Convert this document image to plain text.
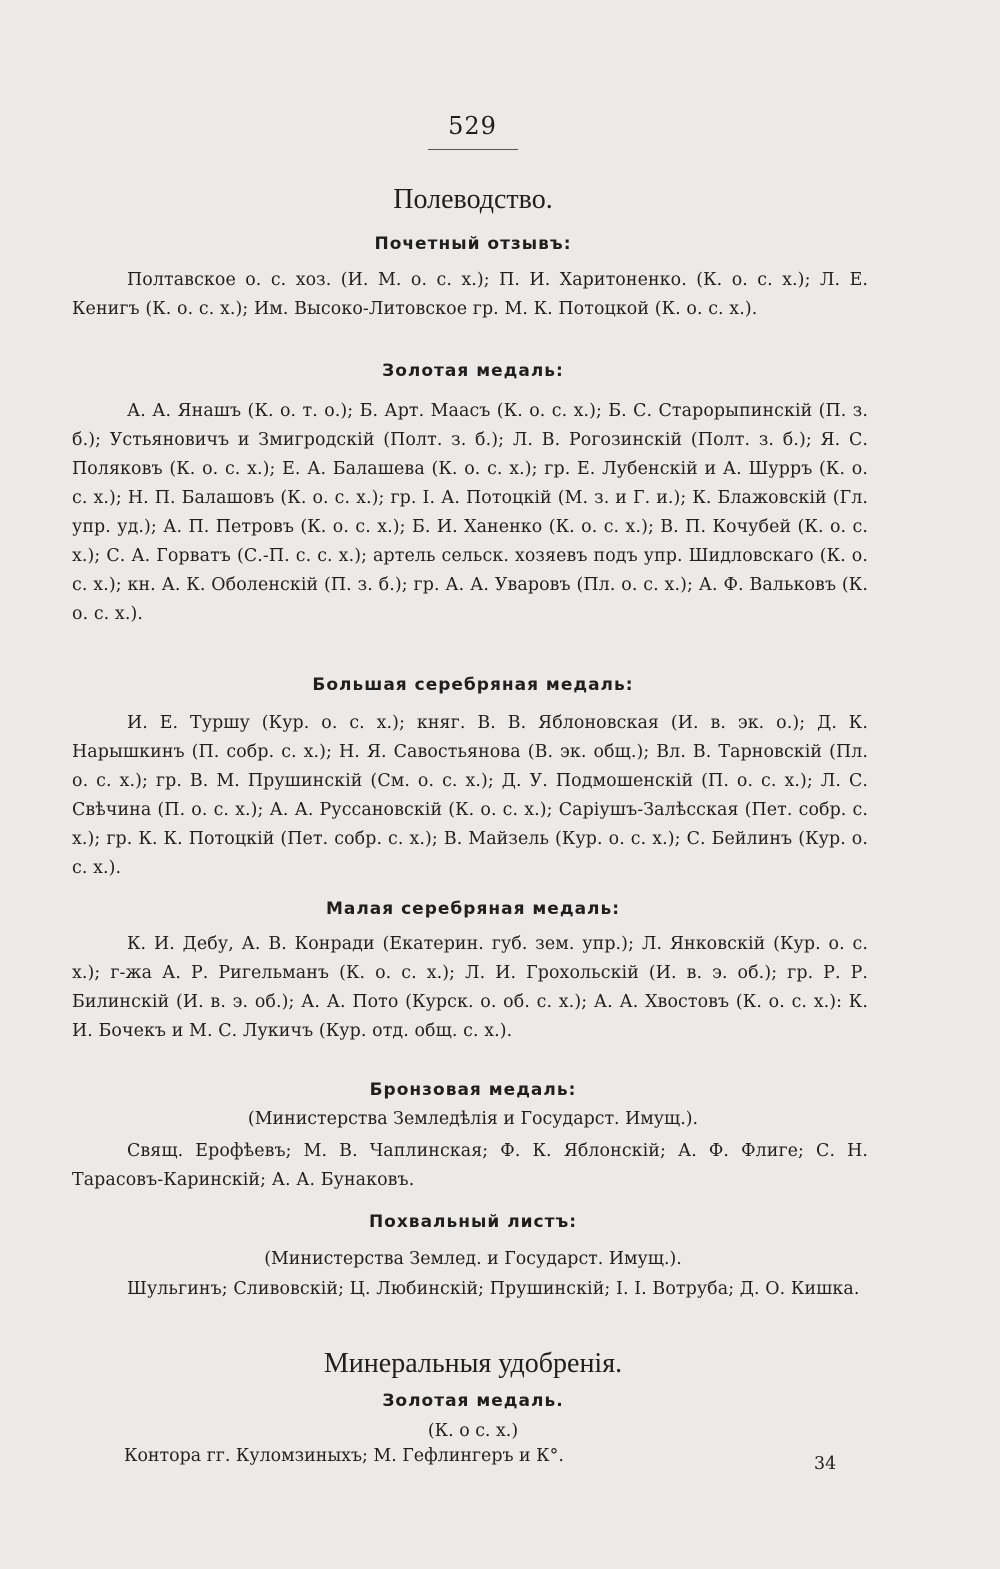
529
Полеводство.
Почетный отзывъ:
Полтавское о. с. хоз. (И. М. о. с. х.); П. И. Харитоненко. (К. о. с. х.); Л. Е. Кенигъ (К. о. с. х.); Им. Высоко-Литовское гр. М. К. Потоцкой (К. о. с. х.).
Золотая медаль:
А. А. Янашъ (К. о. т. о.); Б. Арт. Маасъ (К. о. с. х.); Б. С. Старорыпинскій (П. з. б.); Устьяновичъ и Змигродскій (Полт. з. б.); Л. В. Рогозинскій (Полт. з. б.); Я. С. Поляковъ (К. о. с. х.); Е. А. Балашева (К. о. с. х.); гр. Е. Лубенскій и А. Шурръ (К. о. с. х.); Н. П. Балашовъ (К. о. с. х.); гр. І. А. Потоцкій (М. з. и Г. и.); К. Блажовскій (Гл. упр. уд.); А. П. Петровъ (К. о. с. х.); Б. И. Ханенко (К. о. с. х.); В. П. Кочубей (К. о. с. х.); С. А. Горватъ (С.-П. с. с. х.); артель сельск. хозяевъ подъ упр. Шидловскаго (К. о. с. х.); кн. А. К. Оболенскій (П. з. б.); гр. А. А. Уваровъ (Пл. о. с. х.); А. Ф. Вальковъ (К. о. с. х.).
Большая серебряная медаль:
И. Е. Туршу (Кур. о. с. х.); княг. В. В. Яблоновская (И. в. эк. о.); Д. К. Нарышкинъ (П. собр. с. х.); Н. Я. Савостьянова (В. эк. общ.); Вл. В. Тарновскій (Пл. о. с. х.); гр. В. М. Прушинскій (См. о. с. х.); Д. У. Подмошенскій (П. о. с. х.); Л. С. Свѣчина (П. о. с. х.); А. А. Руссановскій (К. о. с. х.); Саріушъ-Залѣсская (Пет. собр. с. х.); гр. К. К. Потоцкій (Пет. собр. с. х.); В. Майзель (Кур. о. с. х.); С. Бейлинъ (Кур. о. с. х.).
Малая серебряная медаль:
К. И. Дебу, А. В. Конради (Екатерин. губ. зем. упр.); Л. Янковскій (Кур. о. с. х.); г-жа А. Р. Ригельманъ (К. о. с. х.); Л. И. Грохольскій (И. в. э. об.); гр. Р. Р. Билинскій (И. в. э. об.); А. А. Пото (Курск. о. об. с. х.); А. А. Хвостовъ (К. о. с. х.): К. И. Бочекъ и М. С. Лукичъ (Кур. отд. общ. с. х.).
Бронзовая медаль:
(Министерства Земледѣлія и Государст. Имущ.).
Свящ. Ерофѣевъ; М. В. Чаплинская; Ф. К. Яблонскій; А. Ф. Флиге; С. Н. Тарасовъ-Каринскій; А. А. Бунаковъ.
Похвальный листъ:
(Министерства Землед. и Государст. Имущ.).
Шульгинъ; Сливовскій; Ц. Любинскій; Прушинскій; І. І. Вотруба; Д. О. Кишка.
Минеральныя удобренія.
Золотая медаль.
(К. о с. х.)
Контора гг. Куломзиныхъ; М. Гефлингеръ и К°.	34
